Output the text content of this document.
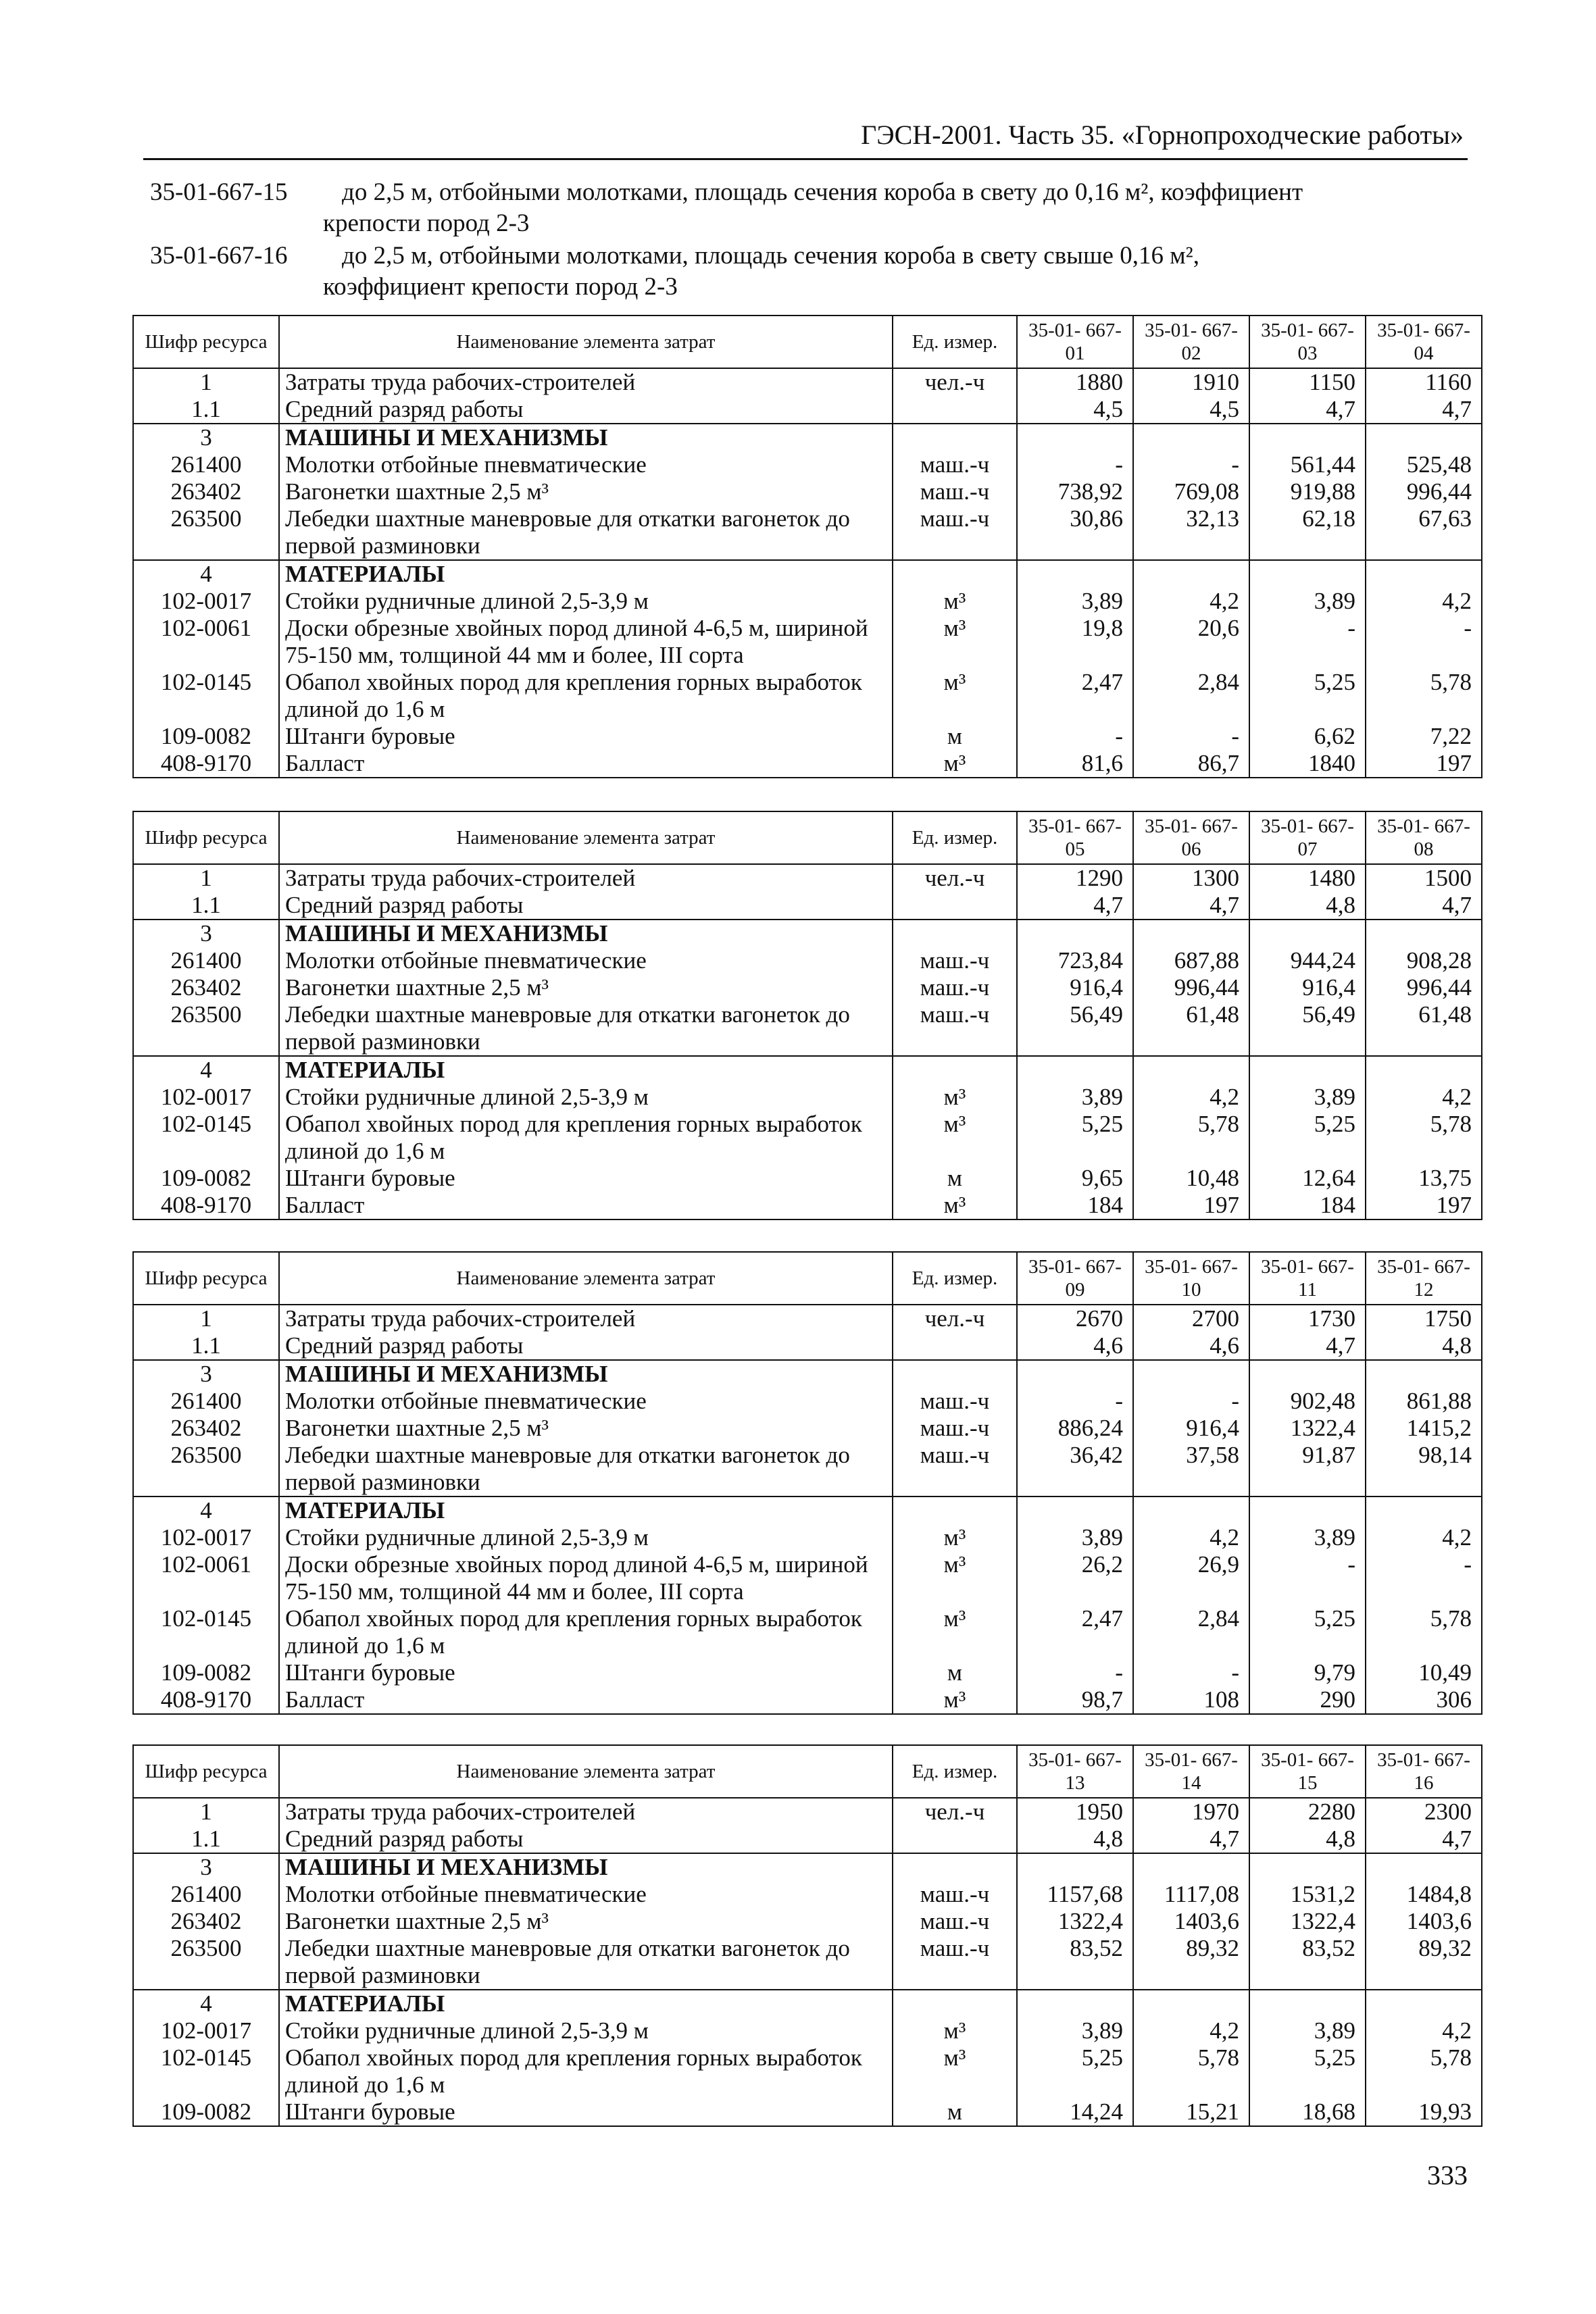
ГЭСН-2001. Часть 35. «Горнопроходческие работы»
35-01-667-15 до 2,5 м, отбойными молотками, площадь сечения короба в свету до 0,16 м², коэффициент
крепости пород 2-3
35-01-667-16 до 2,5 м, отбойными молотками, площадь сечения короба в свету свыше 0,16 м²,
коэффициент крепости пород 2-3
Шифр ресурса	Наименование элемента затрат	Ед. измер.	35-01- 667-01	35-01- 667-02	35-01- 667-03	35-01- 667-04
1	Затраты труда рабочих-строителей	чел.-ч	1880	1910	1150	1160
1.1	Средний разряд работы		4,5	4,5	4,7	4,7
3	МАШИНЫ И МЕХАНИЗМЫ					
261400	Молотки отбойные пневматические	маш.-ч	-	-	561,44	525,48
263402	Вагонетки шахтные 2,5 м³	маш.-ч	738,92	769,08	919,88	996,44
263500	Лебедки шахтные маневровые для откатки вагонеток до первой разминовки	маш.-ч	30,86	32,13	62,18	67,63
4	МАТЕРИАЛЫ					
102-0017	Стойки рудничные длиной 2,5-3,9 м	м³	3,89	4,2	3,89	4,2
102-0061	Доски обрезные хвойных пород длиной 4-6,5 м, шириной 75-150 мм, толщиной 44 мм и более, III сорта	м³	19,8	20,6	-	-
102-0145	Обапол хвойных пород для крепления горных выработок длиной до 1,6 м	м³	2,47	2,84	5,25	5,78
109-0082	Штанги буровые	м	-	-	6,62	7,22
408-9170	Балласт	м³	81,6	86,7	1840	197
Шифр ресурса	Наименование элемента затрат	Ед. измер.	35-01- 667-05	35-01- 667-06	35-01- 667-07	35-01- 667-08
1	Затраты труда рабочих-строителей	чел.-ч	1290	1300	1480	1500
1.1	Средний разряд работы		4,7	4,7	4,8	4,7
3	МАШИНЫ И МЕХАНИЗМЫ					
261400	Молотки отбойные пневматические	маш.-ч	723,84	687,88	944,24	908,28
263402	Вагонетки шахтные 2,5 м³	маш.-ч	916,4	996,44	916,4	996,44
263500	Лебедки шахтные маневровые для откатки вагонеток до первой разминовки	маш.-ч	56,49	61,48	56,49	61,48
4	МАТЕРИАЛЫ					
102-0017	Стойки рудничные длиной 2,5-3,9 м	м³	3,89	4,2	3,89	4,2
102-0145	Обапол хвойных пород для крепления горных выработок длиной до 1,6 м	м³	5,25	5,78	5,25	5,78
109-0082	Штанги буровые	м	9,65	10,48	12,64	13,75
408-9170	Балласт	м³	184	197	184	197
Шифр ресурса	Наименование элемента затрат	Ед. измер.	35-01- 667-09	35-01- 667-10	35-01- 667-11	35-01- 667-12
1	Затраты труда рабочих-строителей	чел.-ч	2670	2700	1730	1750
1.1	Средний разряд работы		4,6	4,6	4,7	4,8
3	МАШИНЫ И МЕХАНИЗМЫ					
261400	Молотки отбойные пневматические	маш.-ч	-	-	902,48	861,88
263402	Вагонетки шахтные 2,5 м³	маш.-ч	886,24	916,4	1322,4	1415,2
263500	Лебедки шахтные маневровые для откатки вагонеток до первой разминовки	маш.-ч	36,42	37,58	91,87	98,14
4	МАТЕРИАЛЫ					
102-0017	Стойки рудничные длиной 2,5-3,9 м	м³	3,89	4,2	3,89	4,2
102-0061	Доски обрезные хвойных пород длиной 4-6,5 м, шириной 75-150 мм, толщиной 44 мм и более, III сорта	м³	26,2	26,9	-	-
102-0145	Обапол хвойных пород для крепления горных выработок длиной до 1,6 м	м³	2,47	2,84	5,25	5,78
109-0082	Штанги буровые	м	-	-	9,79	10,49
408-9170	Балласт	м³	98,7	108	290	306
Шифр ресурса	Наименование элемента затрат	Ед. измер.	35-01- 667-13	35-01- 667-14	35-01- 667-15	35-01- 667-16
1	Затраты труда рабочих-строителей	чел.-ч	1950	1970	2280	2300
1.1	Средний разряд работы		4,8	4,7	4,8	4,7
3	МАШИНЫ И МЕХАНИЗМЫ					
261400	Молотки отбойные пневматические	маш.-ч	1157,68	1117,08	1531,2	1484,8
263402	Вагонетки шахтные 2,5 м³	маш.-ч	1322,4	1403,6	1322,4	1403,6
263500	Лебедки шахтные маневровые для откатки вагонеток до первой разминовки	маш.-ч	83,52	89,32	83,52	89,32
4	МАТЕРИАЛЫ					
102-0017	Стойки рудничные длиной 2,5-3,9 м	м³	3,89	4,2	3,89	4,2
102-0145	Обапол хвойных пород для крепления горных выработок длиной до 1,6 м	м³	5,25	5,78	5,25	5,78
109-0082	Штанги буровые	м	14,24	15,21	18,68	19,93
333
